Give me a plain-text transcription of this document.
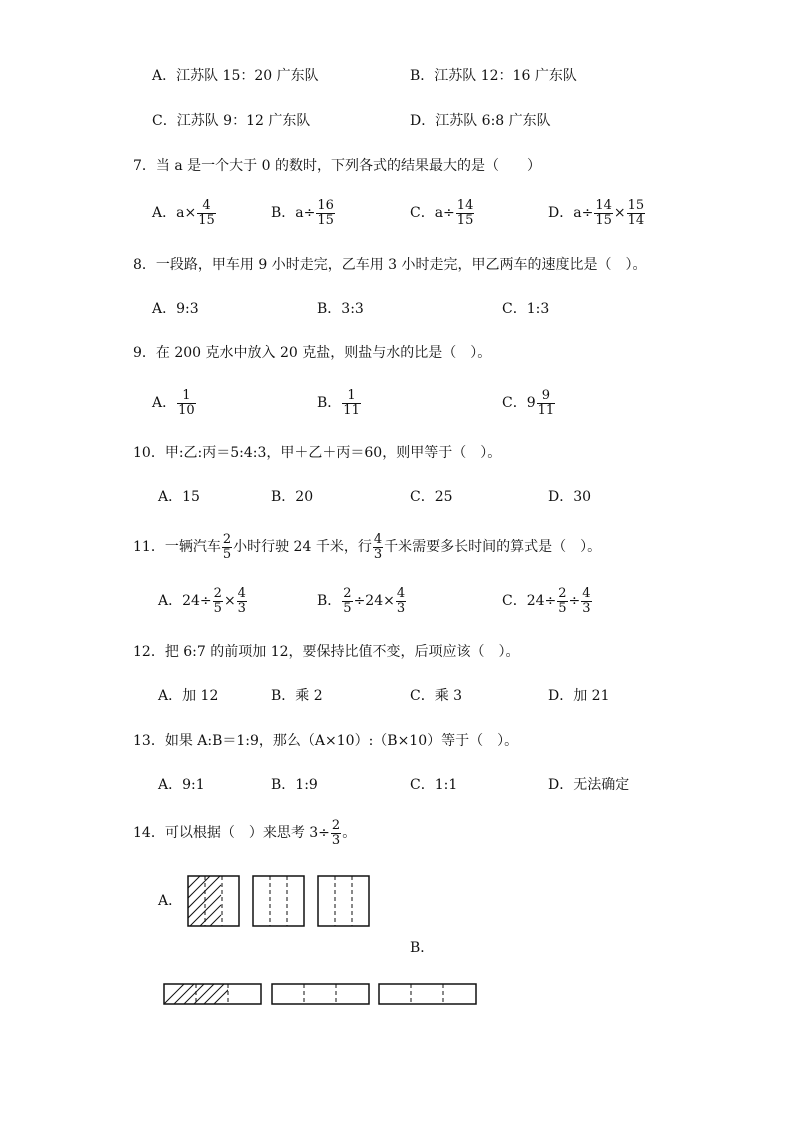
A．江苏队 15：20 广东队	B．江苏队 12：16 广东队
C．江苏队 9：12 广东队	D．江苏队 6:8 广东队
7．当 a 是一个大于 0 的数时，下列各式的结果最大的是（　　）
A．$a\times \frac{4}{15}$	B．$a\div \frac{16}{15}$	C．$a\div \frac{14}{15}$	D．$a\div \frac{14}{15} \times \frac{15}{14}$
8．一段路，甲车用 9 小时走完，乙车用 3 小时走完，甲乙两车的速度比是（　）。
A．9:3	B．3:3	C．1:3
9．在 200 克水中放入 20 克盐，则盐与水的比是（　）。
A． $\frac{1}{10}$	B． $\frac{1}{11}$	C．$9 \frac{9}{11}$
10．甲:乙:丙＝5:4:3，甲＋乙＋丙＝60，则甲等于（　）。
A．15	B．20	C．25	D．30
11．一辆汽车 $\frac{2}{5}$ 小时行驶 24 千米，行 $\frac{4}{3}$ 千米需要多长时间的算式是（　）。
A．$24\div \frac{2}{5} \times \frac{4}{3}$	B． $\frac{2}{5} \div 24\times \frac{4}{3}$	C．$24\div \frac{2}{5} \div \frac{4}{3}$
12．把 6:7 的前项加 12，要保持比值不变，后项应该（　）。
A．加 12	B．乘 2	C．乘 3	D．加 21
13．如果 A:B＝1:9，那么（A×10）:（B×10）等于（　）。
A．9:1	B．1:9	C．1:1	D．无法确定
14．可以根据（　）来思考 $3\div \frac{2}{3}$ 。
A．
B．
